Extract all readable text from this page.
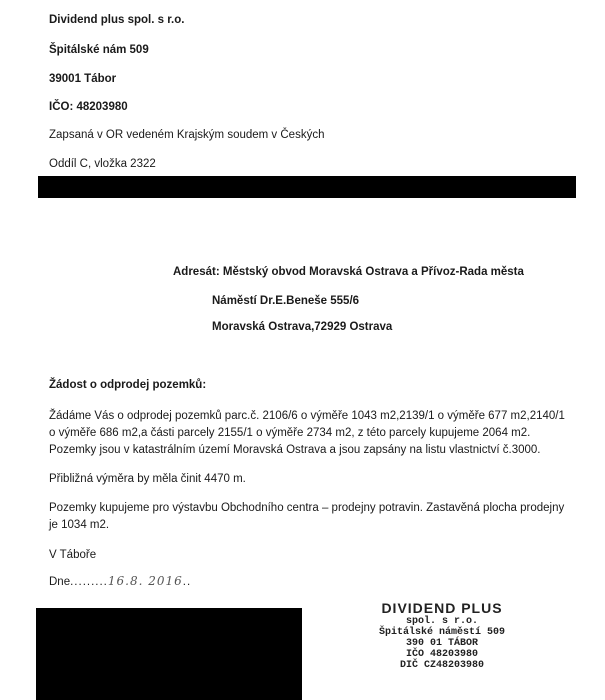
Dividend plus spol. s r.o.
Špitálské nám 509
39001 Tábor
IČO: 48203980
Zapsaná v OR vedeném Krajským soudem v Českých
Oddíl C, vložka 2322
Adresát: Městský obvod Moravská Ostrava a Přívoz-Rada města
Náměstí Dr.E.Beneše 555/6
Moravská Ostrava,72929 Ostrava
Žádost o odprodej pozemků:
Žádáme Vás o odprodej pozemků parc.č. 2106/6 o výměře 1043 m2,2139/1 o výměře 677 m2,2140/1 o výměře 686 m2,a části parcely 2155/1 o výměře 2734 m2, z této parcely kupujeme 2064 m2. Pozemky jsou v katastrálním území Moravská Ostrava a jsou zapsány na listu vlastnictví č.3000.
Přibližná výměra by měla činit 4470 m.
Pozemky kupujeme pro výstavbu Obchodního centra – prodejny potravin. Zastavěná plocha prodejny je 1034 m2.
V Táboře
Dne.........16.8. 2016..
DIVIDEND PLUS
spol. s r.o.
Špitálské náměstí 509
390 01 TÁBOR
IČO 48203980
DIČ CZ48203980
